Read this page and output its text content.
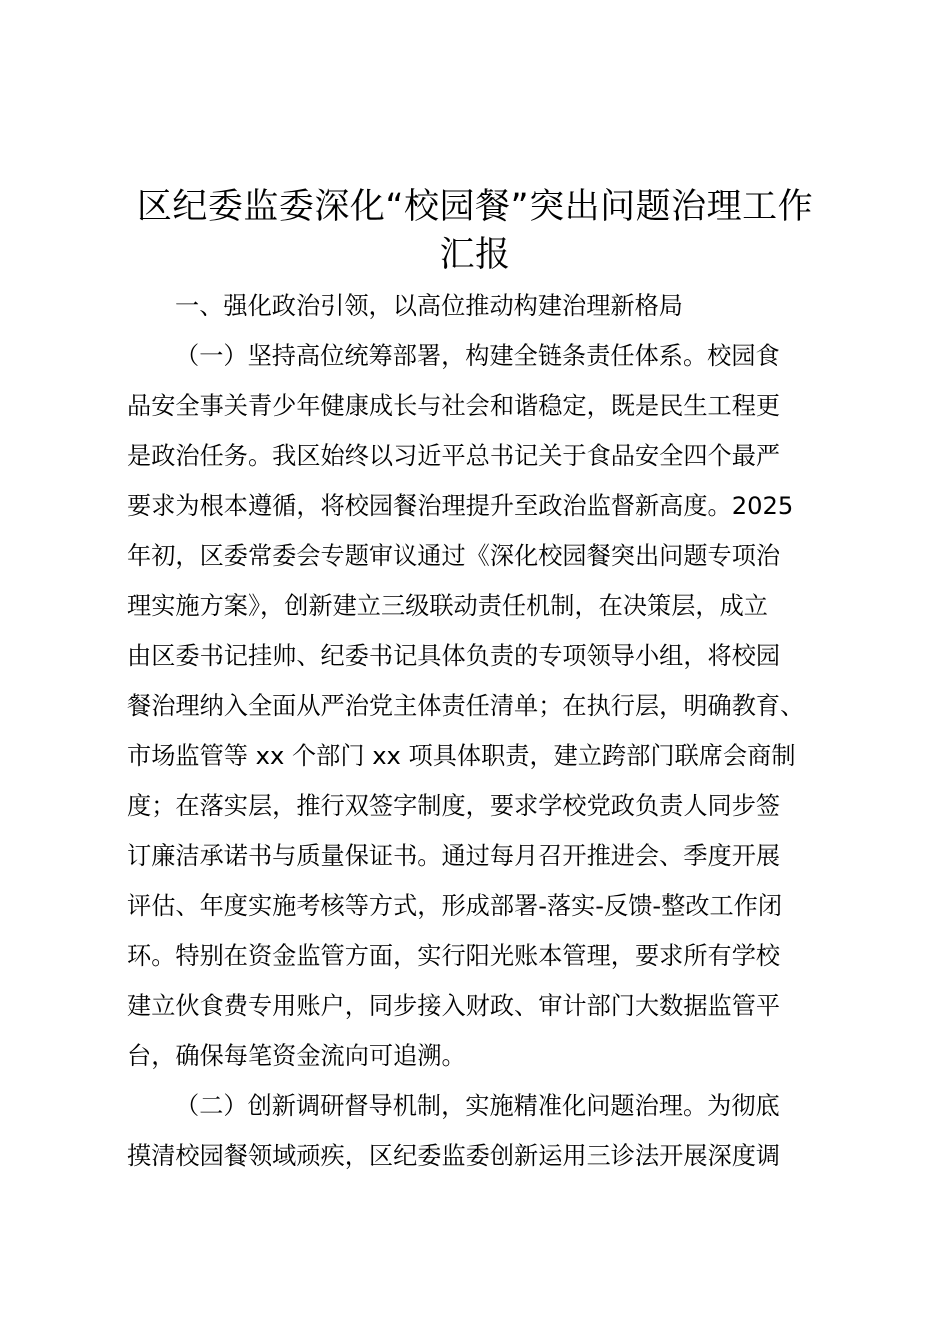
区纪委监委深化“校园餐”突出问题治理工作
汇报
一、强化政治引领，以高位推动构建治理新格局
（一）坚持高位统筹部署，构建全链条责任体系。校园食
品安全事关青少年健康成长与社会和谐稳定，既是民生工程更
是政治任务。我区始终以习近平总书记关于食品安全四个最严
要求为根本遵循，将校园餐治理提升至政治监督新高度。2025
年初，区委常委会专题审议通过《深化校园餐突出问题专项治
理实施方案》，创新建立三级联动责任机制，在决策层，成立
由区委书记挂帅、纪委书记具体负责的专项领导小组，将校园
餐治理纳入全面从严治党主体责任清单；在执行层，明确教育、
市场监管等 xx 个部门 xx 项具体职责，建立跨部门联席会商制
度；在落实层，推行双签字制度，要求学校党政负责人同步签
订廉洁承诺书与质量保证书。通过每月召开推进会、季度开展
评估、年度实施考核等方式，形成部署-落实-反馈-整改工作闭
环。特别在资金监管方面，实行阳光账本管理，要求所有学校
建立伙食费专用账户，同步接入财政、审计部门大数据监管平
台，确保每笔资金流向可追溯。
（二）创新调研督导机制，实施精准化问题治理。为彻底
摸清校园餐领域顽疾，区纪委监委创新运用三诊法开展深度调
